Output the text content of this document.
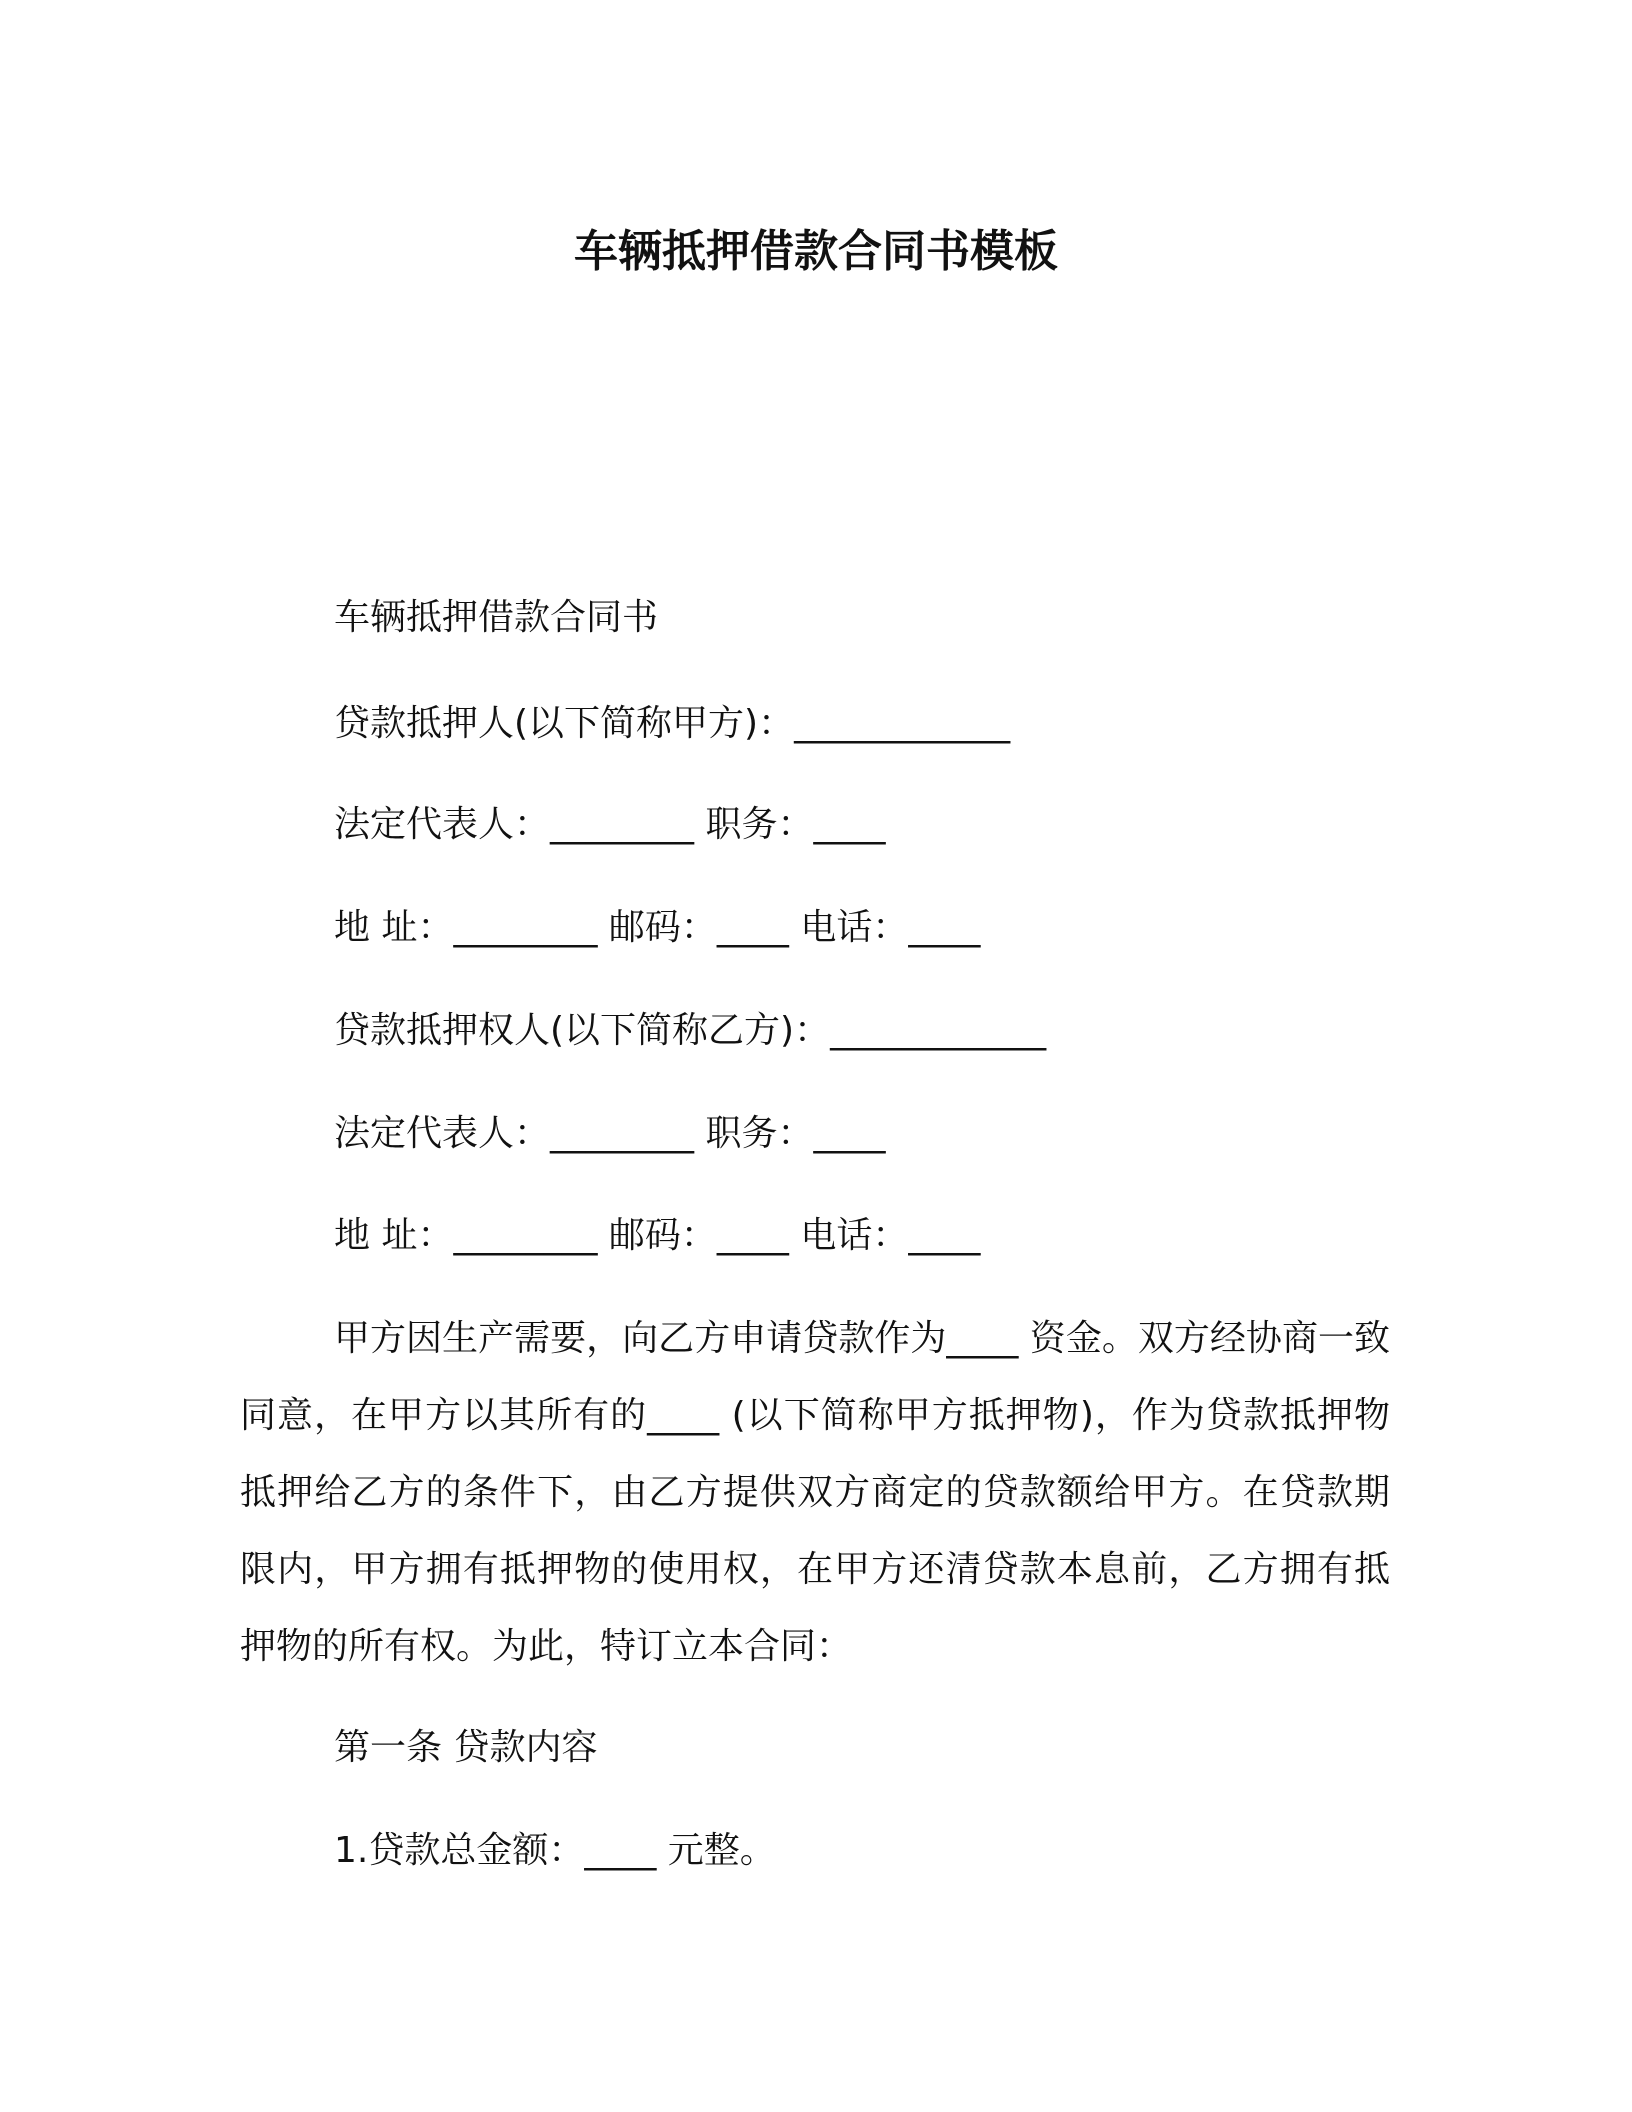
车辆抵押借款合同书模板
车辆抵押借款合同书
贷款抵押人(以下简称甲方)：____________
法定代表人：________ 职务：____
地 址：________ 邮码：____ 电话：____
贷款抵押权人(以下简称乙方)：____________
法定代表人：________ 职务：____
地 址：________ 邮码：____ 电话：____

甲方因生产需要，向乙方申请贷款作为____ 资金。双方经协商一致同意，在甲方以其所有的____ (以下简称甲方抵押物)，作为贷款抵押物抵押给乙方的条件下，由乙方提供双方商定的贷款额给甲方。在贷款期限内，甲方拥有抵押物的使用权，在甲方还清贷款本息前，乙方拥有抵押物的所有权。为此，特订立本合同：

第一条 贷款内容
1.贷款总金额：____ 元整。
